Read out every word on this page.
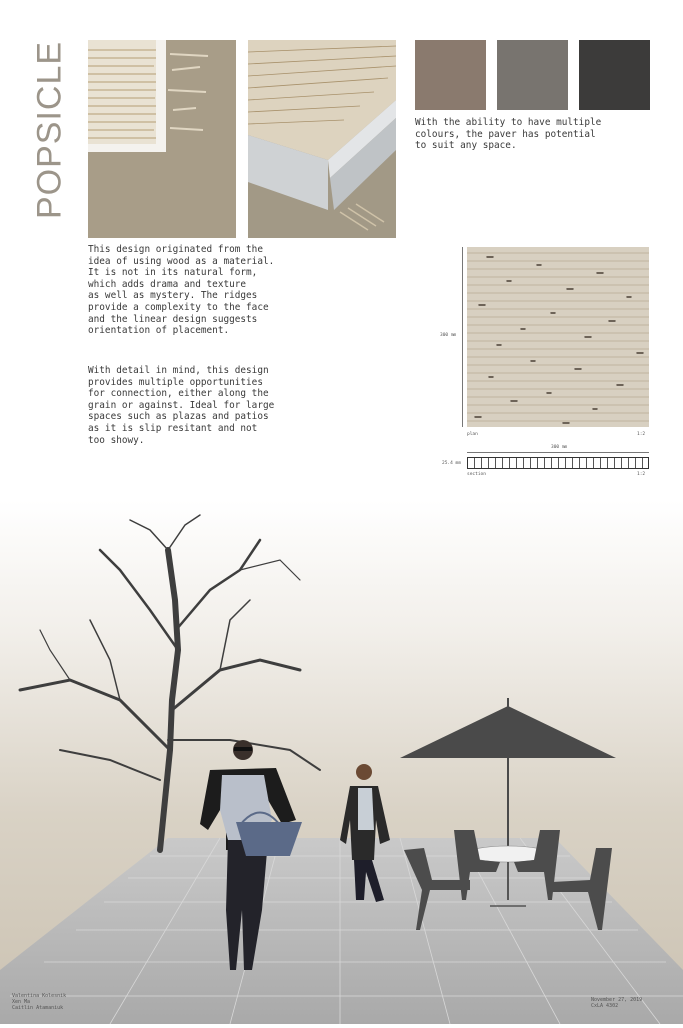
POPSICLE	With the ability to have multiple
colours, the paver has potential
to suit any space.
This design originated from the
idea of using wood as a material.
It is not in its natural form,
which adds drama and texture
as well as mystery. The ridges
provide a complexity to the face
and the linear design suggests
orientation of placement.
With detail in mind, this design
provides multiple opportunities
for connection, either along the
grain or against. Ideal for large
spaces such as plazas and patios
as it is slip resitant and not
too showy.
300 mm
plan	1:2
300 mm
25.4 mm
section	1:2
Valentina Kolesnik
Xen Ma
Caitlin Atamaniuk
November 27, 2019
CxLA 4302
